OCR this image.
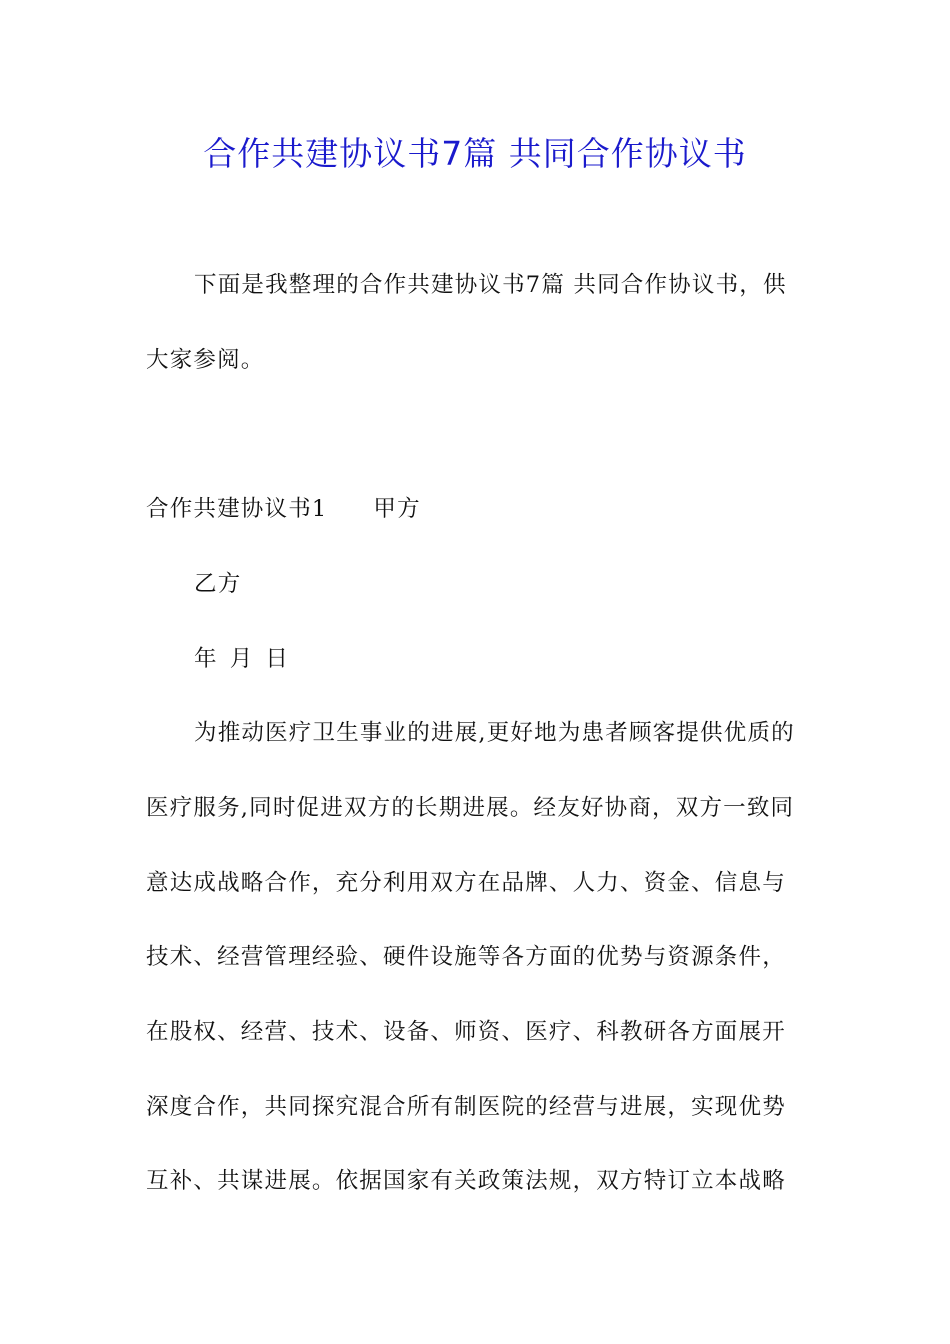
合作共建协议书7篇 共同合作协议书
下面是我整理的合作共建协议书7篇 共同合作协议书，供
大家参阅。
合作共建协议书1 甲方
乙方
年 月 日
为推动医疗卫生事业的进展,更好地为患者顾客提供优质的
医疗服务,同时促进双方的长期进展。经友好协商，双方一致同
意达成战略合作，充分利用双方在品牌、人力、资金、信息与
技术、经营管理经验、硬件设施等各方面的优势与资源条件，
在股权、经营、技术、设备、师资、医疗、科教研各方面展开
深度合作，共同探究混合所有制医院的经营与进展，实现优势
互补、共谋进展。依据国家有关政策法规，双方特订立本战略
